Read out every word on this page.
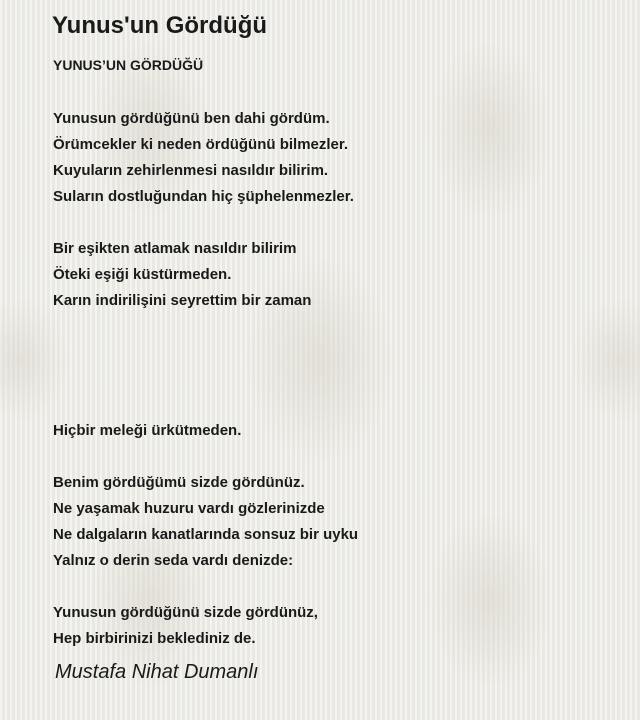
Yunus'un Gördüğü
YUNUS’UN GÖRDÜĞÜ
Yunusun gördüğünü ben dahi gördüm.
Örümcekler ki neden ördüğünü bilmezler.
Kuyuların zehirlenmesi nasıldır bilirim.
Suların dostluğundan hiç şüphelenmezler.
Bir eşikten atlamak nasıldır bilirim
Öteki eşiği küstürmeden.
Karın indirilişini seyrettim bir zaman
Hiçbir meleği ürkütmeden.
Benim gördüğümü sizde gördünüz.
Ne yaşamak huzuru vardı gözlerinizde
Ne dalgaların kanatlarında sonsuz bir uyku
Yalnız o derin seda vardı denizde:
Yunusun gördüğünü sizde gördünüz,
Hep birbirinizi beklediniz de.
Mustafa Nihat Dumanlı
